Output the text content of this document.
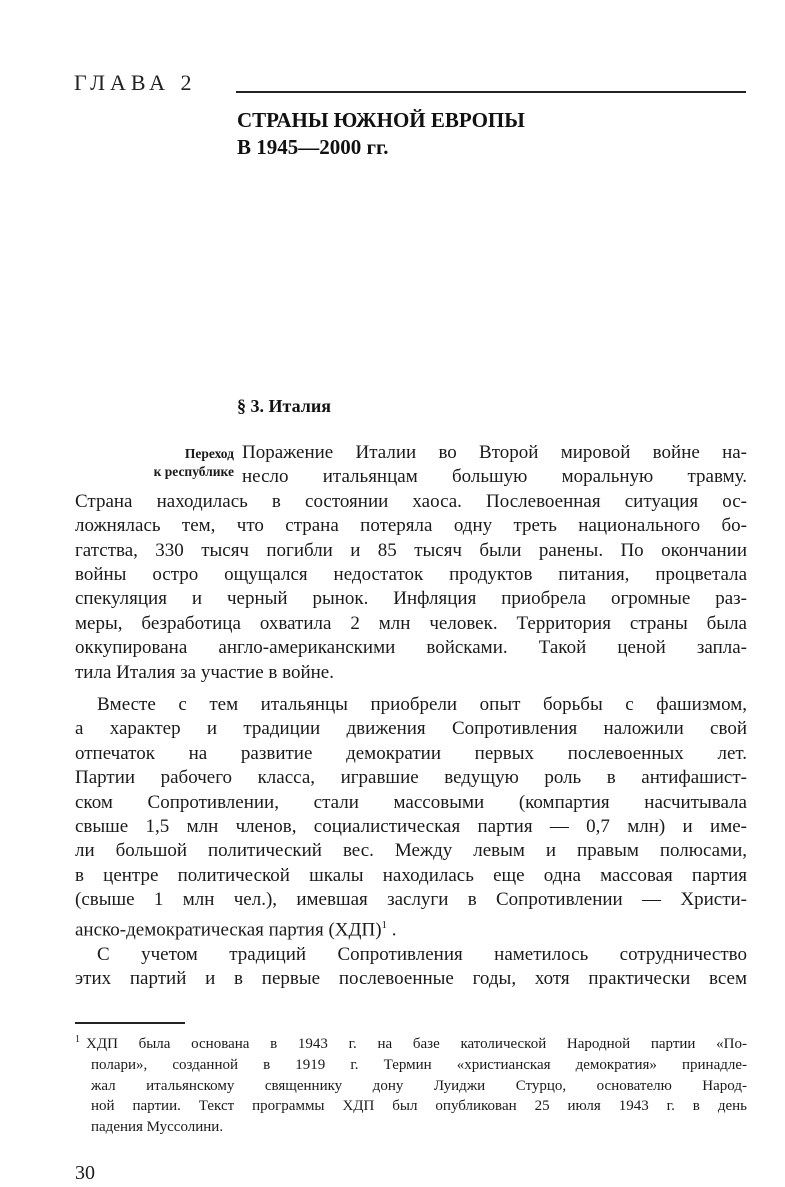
ГЛАВА 2
СТРАНЫ ЮЖНОЙ ЕВРОПЫ
В 1945—2000 гг.
§ 3. Италия
Переход
к республике
Поражение Италии во Второй мировой войне на-
несло итальянцам большую моральную травму.
Страна находилась в состоянии хаоса. Послевоенная ситуация ос-
ложнялась тем, что страна потеряла одну треть национального бо-
гатства, 330 тысяч погибли и 85 тысяч были ранены. По окончании
войны остро ощущался недостаток продуктов питания, процветала
спекуляция и черный рынок. Инфляция приобрела огромные раз-
меры, безработица охватила 2 млн человек. Территория страны была
оккупирована англо-американскими войсками. Такой ценой запла-
тила Италия за участие в войне.
Вместе с тем итальянцы приобрели опыт борьбы с фашизмом,
а характер и традиции движения Сопротивления наложили свой
отпечаток на развитие демократии первых послевоенных лет.
Партии рабочего класса, игравшие ведущую роль в антифашист-
ском Сопротивлении, стали массовыми (компартия насчитывала
свыше 1,5 млн членов, социалистическая партия — 0,7 млн) и име-
ли большой политический вес. Между левым и правым полюсами,
в центре политической шкалы находилась еще одна массовая партия
(свыше 1 млн чел.), имевшая заслуги в Сопротивлении — Христи-
анско-демократическая партия (ХДП)$^1$ .
С учетом традиций Сопротивления наметилось сотрудничество
этих партий и в первые послевоенные годы, хотя практически всем
$^1$ ХДП была основана в 1943 г. на базе католической Народной партии «По-
полари», созданной в 1919 г. Термин «христианская демократия» принадле-
жал итальянскому священнику дону Луиджи Стурцо, основателю Народ-
ной партии. Текст программы ХДП был опубликован 25 июля 1943 г. в день
падения Муссолини.
30
